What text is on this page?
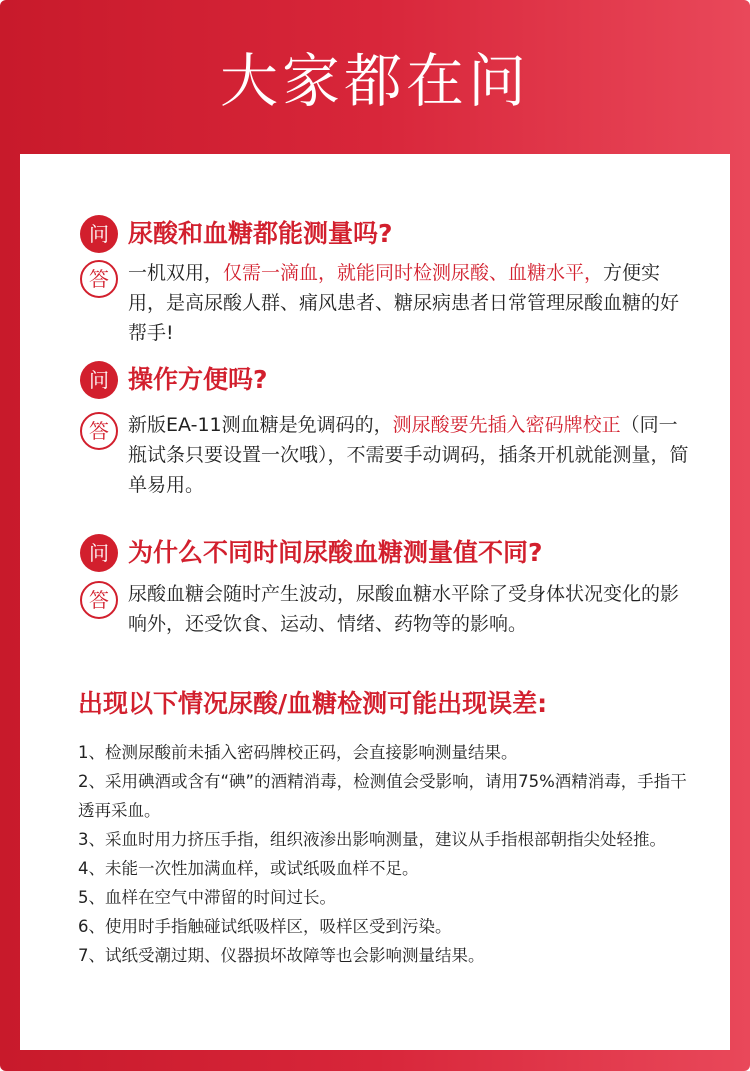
大家都在问
问 尿酸和血糖都能测量吗?
答	一机双用，仅需一滴血，就能同时检测尿酸、血糖水平，方便实用，是高尿酸人群、痛风患者、糖尿病患者日常管理尿酸血糖的好帮手!
问 操作方便吗?
答	新版EA-11测血糖是免调码的，测尿酸要先插入密码牌校正（同一瓶试条只要设置一次哦），不需要手动调码，插条开机就能测量，简单易用。
问 为什么不同时间尿酸血糖测量值不同?
答	尿酸血糖会随时产生波动，尿酸血糖水平除了受身体状况变化的影响外，还受饮食、运动、情绪、药物等的影响。
出现以下情况尿酸/血糖检测可能出现误差:
1、检测尿酸前未插入密码牌校正码，会直接影响测量结果。
2、采用碘酒或含有“碘”的酒精消毒，检测值会受影响，请用75%酒精消毒，手指干透再采血。
3、采血时用力挤压手指，组织液渗出影响测量，建议从手指根部朝指尖处轻推。
4、未能一次性加满血样，或试纸吸血样不足。
5、血样在空气中滞留的时间过长。
6、使用时手指触碰试纸吸样区，吸样区受到污染。
7、试纸受潮过期、仪器损坏故障等也会影响测量结果。
